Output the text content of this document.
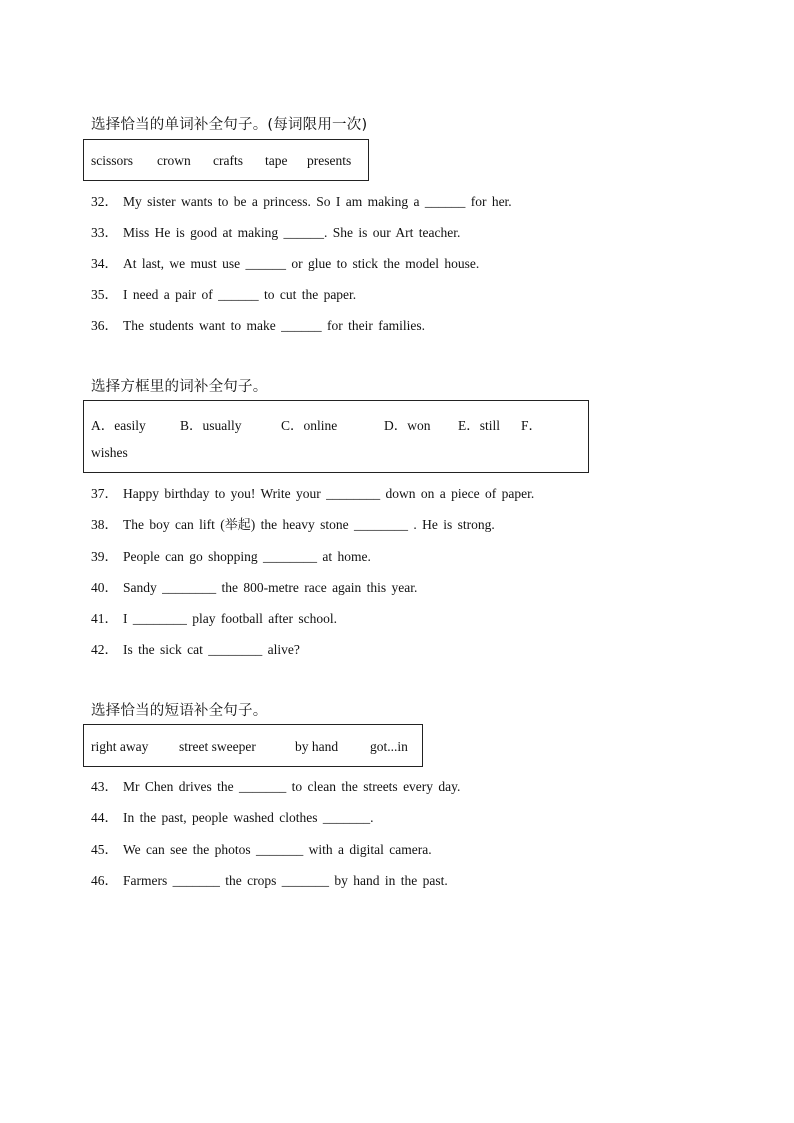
选择恰当的单词补全句子。(每词限用一次)
scissors crown crafts tape presents
32． My sister wants to be a princess. So I am making a ______ for her.
33． Miss He is good at making ______. She is our Art teacher.
34． At last, we must use ______ or glue to stick the model house.
35． I need a pair of ______ to cut the paper.
36． The students want to make ______ for their families.
选择方框里的词补全句子。
A．easily	B．usually	C．online	D．won E．still F．
wishes
37． Happy birthday to you! Write your ________ down on a piece of paper.
38． The boy can lift (举起) the heavy stone ________ . He is strong.
39． People can go shopping ________ at home.
40． Sandy ________ the 800-metre race again this year.
41． I ________ play football after school.
42． Is the sick cat ________ alive?
选择恰当的短语补全句子。
right away street sweeper	by hand got...in
43． Mr Chen drives the _______ to clean the streets every day.
44． In the past, people washed clothes _______.
45． We can see the photos _______ with a digital camera.
46． Farmers _______ the crops _______ by hand in the past.
